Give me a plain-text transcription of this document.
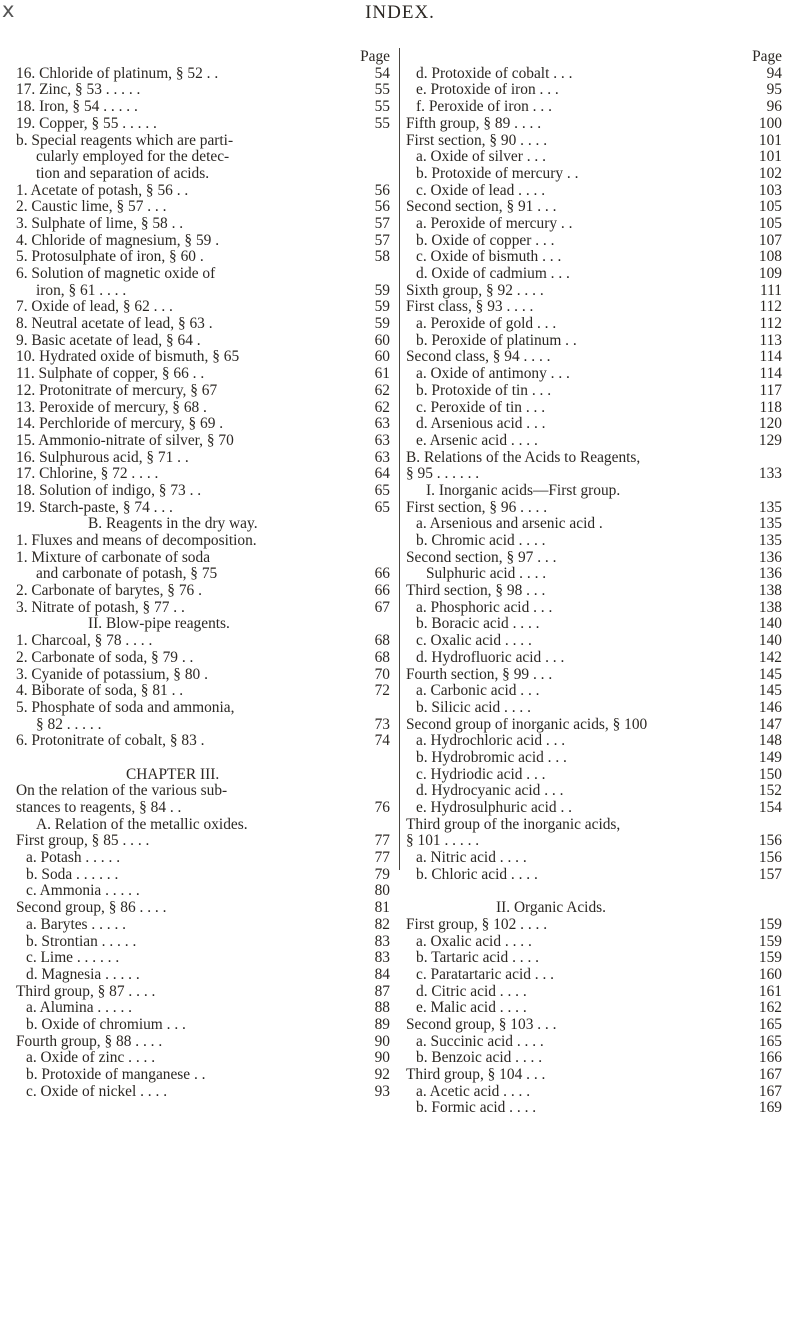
x	INDEX.
Page
16. Chloride of platinum, § 52 . .	54
17. Zinc, § 53 . . . . .	55
18. Iron, § 54 . . . . .	55
19. Copper, § 55 . . . . .	55
b. Special reagents which are parti-
cularly employed for the detec-
tion and separation of acids.
1. Acetate of potash, § 56 . .	56
2. Caustic lime, § 57 . . .	56
3. Sulphate of lime, § 58 . .	57
4. Chloride of magnesium, § 59 .	57
5. Protosulphate of iron, § 60 .	58
6. Solution of magnetic oxide of
iron, § 61 . . . .	59
7. Oxide of lead, § 62 . . .	59
8. Neutral acetate of lead, § 63 .	59
9. Basic acetate of lead, § 64 .	60
10. Hydrated oxide of bismuth, § 65	60
11. Sulphate of copper, § 66 . .	61
12. Protonitrate of mercury, § 67	62
13. Peroxide of mercury, § 68 .	62
14. Perchloride of mercury, § 69 .	63
15. Ammonio-nitrate of silver, § 70	63
16. Sulphurous acid, § 71 . .	63
17. Chlorine, § 72 . . . .	64
18. Solution of indigo, § 73 . .	65
19. Starch-paste, § 74 . . .	65
B. Reagents in the dry way.
1. Fluxes and means of decomposition.
1. Mixture of carbonate of soda
and carbonate of potash, § 75	66
2. Carbonate of barytes, § 76 .	66
3. Nitrate of potash, § 77 . .	67
II. Blow-pipe reagents.
1. Charcoal, § 78 . . . .	68
2. Carbonate of soda, § 79 . .	68
3. Cyanide of potassium, § 80 .	70
4. Biborate of soda, § 81 . .	72
5. Phosphate of soda and ammonia,
§ 82 . . . . .	73
6. Protonitrate of cobalt, § 83 .	74
CHAPTER III.
On the relation of the various sub-
stances to reagents, § 84 . .	76
A. Relation of the metallic oxides.
First group, § 85 . . . .	77
a. Potash . . . . .	77
b. Soda . . . . . .	79
c. Ammonia . . . . .	80
Second group, § 86 . . . .	81
a. Barytes . . . . .	82
b. Strontian . . . . .	83
c. Lime . . . . . .	83
d. Magnesia . . . . .	84
Third group, § 87 . . . .	87
a. Alumina . . . . .	88
b. Oxide of chromium . . .	89
Fourth group, § 88 . . . .	90
a. Oxide of zinc . . . .	90
b. Protoxide of manganese . .	92
c. Oxide of nickel . . . .	93
Page
d. Protoxide of cobalt . . .	94
e. Protoxide of iron . . .	95
f. Peroxide of iron . . .	96
Fifth group, § 89 . . . .	100
First section, § 90 . . . .	101
a. Oxide of silver . . .	101
b. Protoxide of mercury . .	102
c. Oxide of lead . . . .	103
Second section, § 91 . . .	105
a. Peroxide of mercury . .	105
b. Oxide of copper . . .	107
c. Oxide of bismuth . . .	108
d. Oxide of cadmium . . .	109
Sixth group, § 92 . . . .	111
First class, § 93 . . . .	112
a. Peroxide of gold . . .	112
b. Peroxide of platinum . .	113
Second class, § 94 . . . .	114
a. Oxide of antimony . . .	114
b. Protoxide of tin . . .	117
c. Peroxide of tin . . .	118
d. Arsenious acid . . .	120
e. Arsenic acid . . . .	129
B. Relations of the Acids to Reagents,
§ 95 . . . . . .	133
I. Inorganic acids—First group.
First section, § 96 . . . .	135
a. Arsenious and arsenic acid .	135
b. Chromic acid . . . .	135
Second section, § 97 . . .	136
Sulphuric acid . . . .	136
Third section, § 98 . . .	138
a. Phosphoric acid . . .	138
b. Boracic acid . . . .	140
c. Oxalic acid . . . .	140
d. Hydrofluoric acid . . .	142
Fourth section, § 99 . . .	145
a. Carbonic acid . . .	145
b. Silicic acid . . . .	146
Second group of inorganic acids, § 100	147
a. Hydrochloric acid . . .	148
b. Hydrobromic acid . . .	149
c. Hydriodic acid . . .	150
d. Hydrocyanic acid . . .	152
e. Hydrosulphuric acid . .	154
Third group of the inorganic acids,
§ 101 . . . . .	156
a. Nitric acid . . . .	156
b. Chloric acid . . . .	157
II. Organic Acids.
First group, § 102 . . . .	159
a. Oxalic acid . . . .	159
b. Tartaric acid . . . .	159
c. Paratartaric acid . . .	160
d. Citric acid . . . .	161
e. Malic acid . . . .	162
Second group, § 103 . . .	165
a. Succinic acid . . . .	165
b. Benzoic acid . . . .	166
Third group, § 104 . . .	167
a. Acetic acid . . . .	167
b. Formic acid . . . .	169
